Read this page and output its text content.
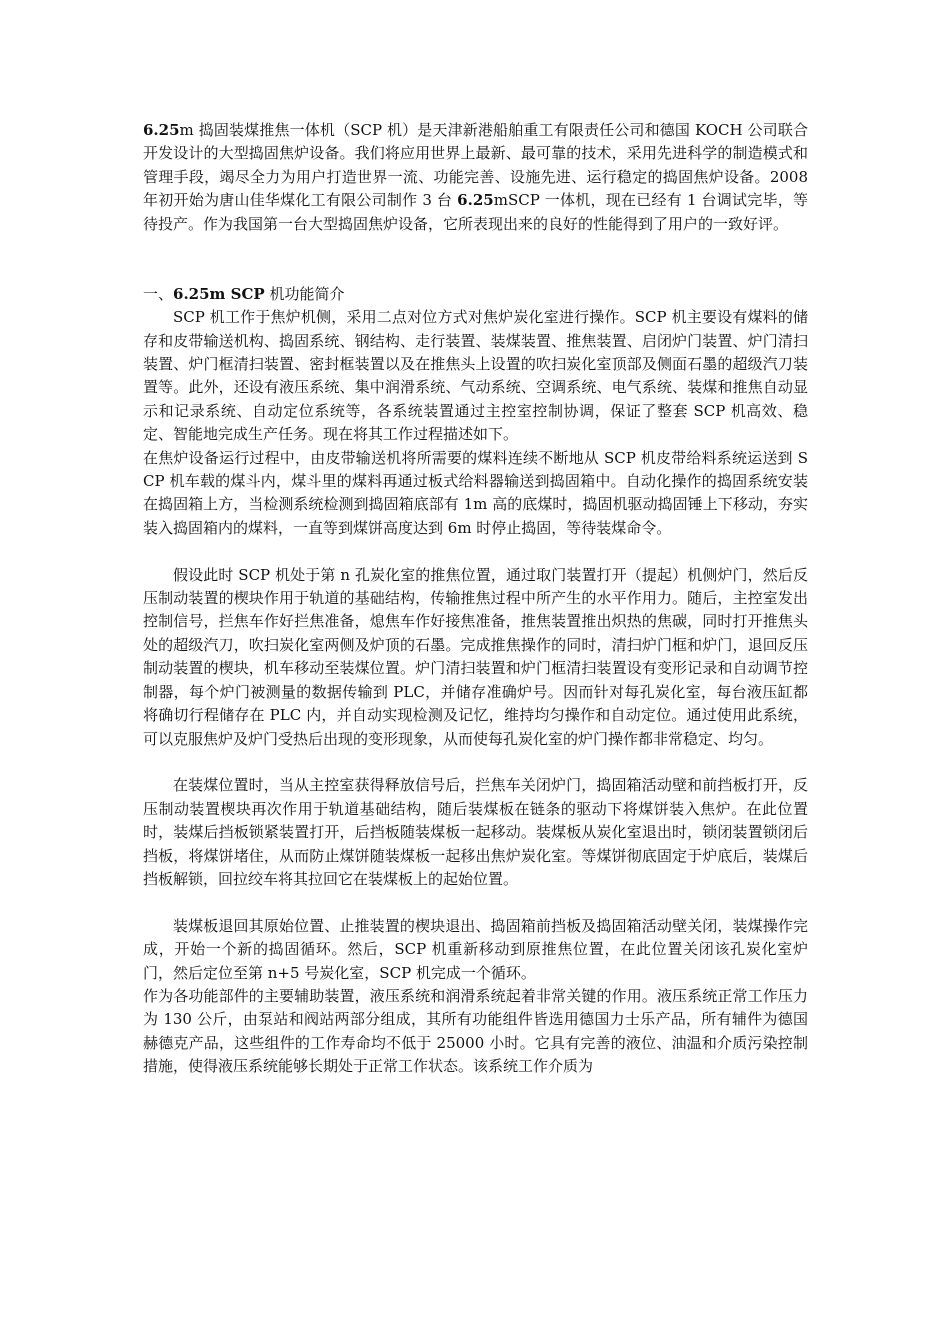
6.25m 捣固装煤推焦一体机（SCP 机）是天津新港船舶重工有限责任公司和德国 KOCH 公司联合开发设计的大型捣固焦炉设备。我们将应用世界上最新、最可靠的技术，采用先进科学的制造模式和管理手段，竭尽全力为用户打造世界一流、功能完善、设施先进、运行稳定的捣固焦炉设备。2008 年初开始为唐山佳华煤化工有限公司制作 3 台 6.25mSCP 一体机，现在已经有 1 台调试完毕，等待投产。作为我国第一台大型捣固焦炉设备，它所表现出来的良好的性能得到了用户的一致好评。

一、6.25m SCP 机功能简介

SCP 机工作于焦炉机侧，采用二点对位方式对焦炉炭化室进行操作。SCP 机主要设有煤料的储存和皮带输送机构、捣固系统、钢结构、走行装置、装煤装置、推焦装置、启闭炉门装置、炉门清扫装置、炉门框清扫装置、密封框装置以及在推焦头上设置的吹扫炭化室顶部及侧面石墨的超级汽刀装置等。此外，还设有液压系统、集中润滑系统、气动系统、空调系统、电气系统、装煤和推焦自动显示和记录系统、自动定位系统等，各系统装置通过主控室控制协调，保证了整套 SCP 机高效、稳定、智能地完成生产任务。现在将其工作过程描述如下。

在焦炉设备运行过程中，由皮带输送机将所需要的煤料连续不断地从 SCP 机皮带给料系统运送到 SCP 机车载的煤斗内，煤斗里的煤料再通过板式给料器输送到捣固箱中。自动化操作的捣固系统安装在捣固箱上方，当检测系统检测到捣固箱底部有 1m 高的底煤时，捣固机驱动捣固锤上下移动，夯实装入捣固箱内的煤料，一直等到煤饼高度达到 6m 时停止捣固，等待装煤命令。

假设此时 SCP 机处于第 n 孔炭化室的推焦位置，通过取门装置打开（提起）机侧炉门，然后反压制动装置的楔块作用于轨道的基础结构，传输推焦过程中所产生的水平作用力。随后，主控室发出控制信号，拦焦车作好拦焦准备，熄焦车作好接焦准备，推焦装置推出炽热的焦碳，同时打开推焦头处的超级汽刀，吹扫炭化室两侧及炉顶的石墨。完成推焦操作的同时，清扫炉门框和炉门，退回反压制动装置的楔块，机车移动至装煤位置。炉门清扫装置和炉门框清扫装置设有变形记录和自动调节控制器，每个炉门被测量的数据传输到 PLC，并储存准确炉号。因而针对每孔炭化室，每台液压缸都将确切行程储存在 PLC 内，并自动实现检测及记忆，维持均匀操作和自动定位。通过使用此系统，可以克服焦炉及炉门受热后出现的变形现象，从而使每孔炭化室的炉门操作都非常稳定、均匀。

在装煤位置时，当从主控室获得释放信号后，拦焦车关闭炉门，捣固箱活动壁和前挡板打开，反压制动装置楔块再次作用于轨道基础结构，随后装煤板在链条的驱动下将煤饼装入焦炉。在此位置时，装煤后挡板锁紧装置打开，后挡板随装煤板一起移动。装煤板从炭化室退出时，锁闭装置锁闭后挡板，将煤饼堵住，从而防止煤饼随装煤板一起移出焦炉炭化室。等煤饼彻底固定于炉底后，装煤后挡板解锁，回拉绞车将其拉回它在装煤板上的起始位置。

装煤板退回其原始位置、止推装置的楔块退出、捣固箱前挡板及捣固箱活动壁关闭，装煤操作完成，开始一个新的捣固循环。然后，SCP 机重新移动到原推焦位置，在此位置关闭该孔炭化室炉门，然后定位至第 n+5 号炭化室，SCP 机完成一个循环。

作为各功能部件的主要辅助装置，液压系统和润滑系统起着非常关键的作用。液压系统正常工作压力为 130 公斤，由泵站和阀站两部分组成，其所有功能组件皆选用德国力士乐产品，所有辅件为德国赫德克产品，这些组件的工作寿命均不低于 25000 小时。它具有完善的液位、油温和介质污染控制措施，使得液压系统能够长期处于正常工作状态。该系统工作介质为
